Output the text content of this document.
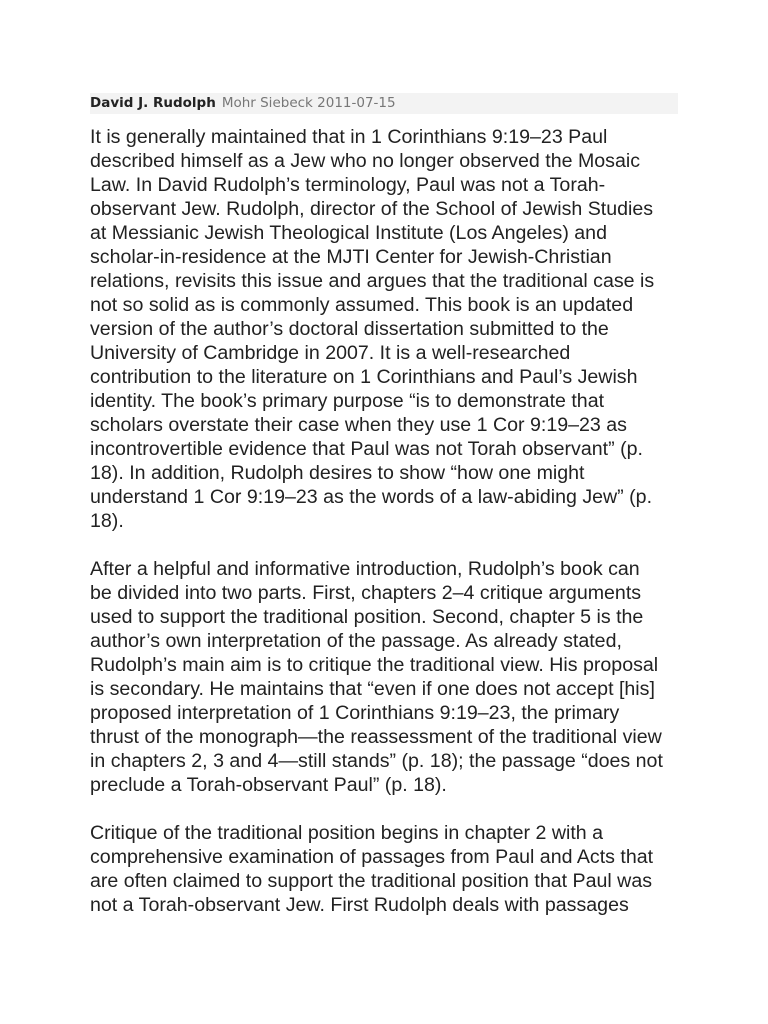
David J. Rudolph Mohr Siebeck 2011-07-15

It is generally maintained that in 1 Corinthians 9:19–23 Paul
described himself as a Jew who no longer observed the Mosaic
Law. In David Rudolph’s terminology, Paul was not a Torah-
observant Jew. Rudolph, director of the School of Jewish Studies
at Messianic Jewish Theological Institute (Los Angeles) and
scholar-in-residence at the MJTI Center for Jewish-Christian
relations, revisits this issue and argues that the traditional case is
not so solid as is commonly assumed. This book is an updated
version of the author’s doctoral dissertation submitted to the
University of Cambridge in 2007. It is a well-researched
contribution to the literature on 1 Corinthians and Paul’s Jewish
identity. The book’s primary purpose “is to demonstrate that
scholars overstate their case when they use 1 Cor 9:19–23 as
incontrovertible evidence that Paul was not Torah observant” (p.
18). In addition, Rudolph desires to show “how one might
understand 1 Cor 9:19–23 as the words of a law-abiding Jew” (p.
18).

After a helpful and informative introduction, Rudolph’s book can
be divided into two parts. First, chapters 2–4 critique arguments
used to support the traditional position. Second, chapter 5 is the
author’s own interpretation of the passage. As already stated,
Rudolph’s main aim is to critique the traditional view. His proposal
is secondary. He maintains that “even if one does not accept [his]
proposed interpretation of 1 Corinthians 9:19–23, the primary
thrust of the monograph—the reassessment of the traditional view
in chapters 2, 3 and 4—still stands” (p. 18); the passage “does not
preclude a Torah-observant Paul” (p. 18).

Critique of the traditional position begins in chapter 2 with a
comprehensive examination of passages from Paul and Acts that
are often claimed to support the traditional position that Paul was
not a Torah-observant Jew. First Rudolph deals with passages
